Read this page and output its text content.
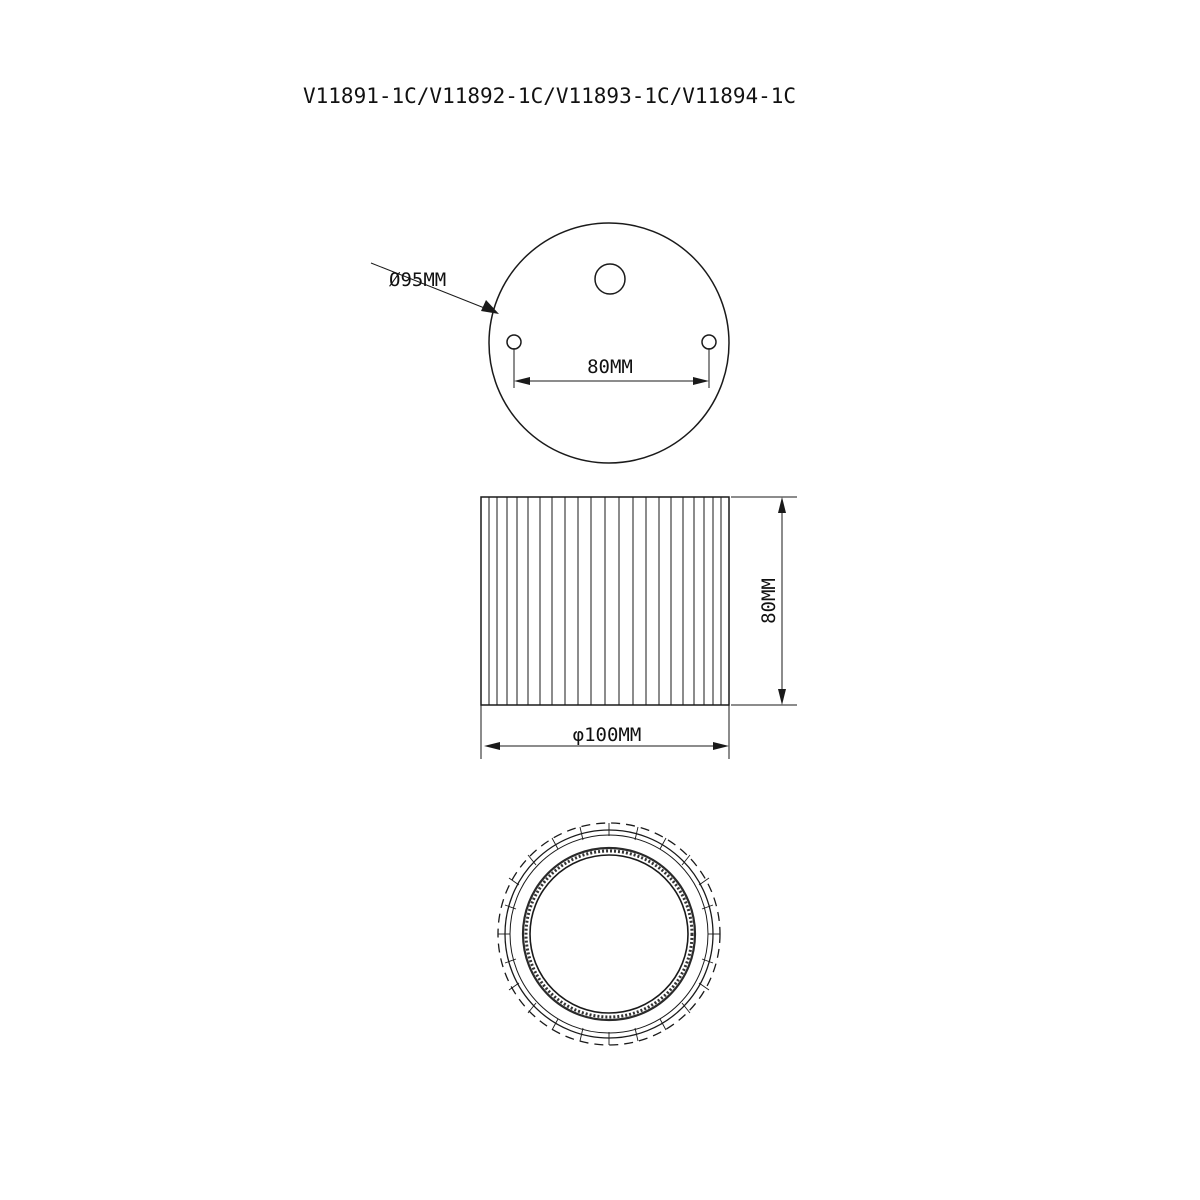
V11891-1C/V11892-1C/V11893-1C/V11894-1C
Ø95MM
80MM
80MM
φ100MM
